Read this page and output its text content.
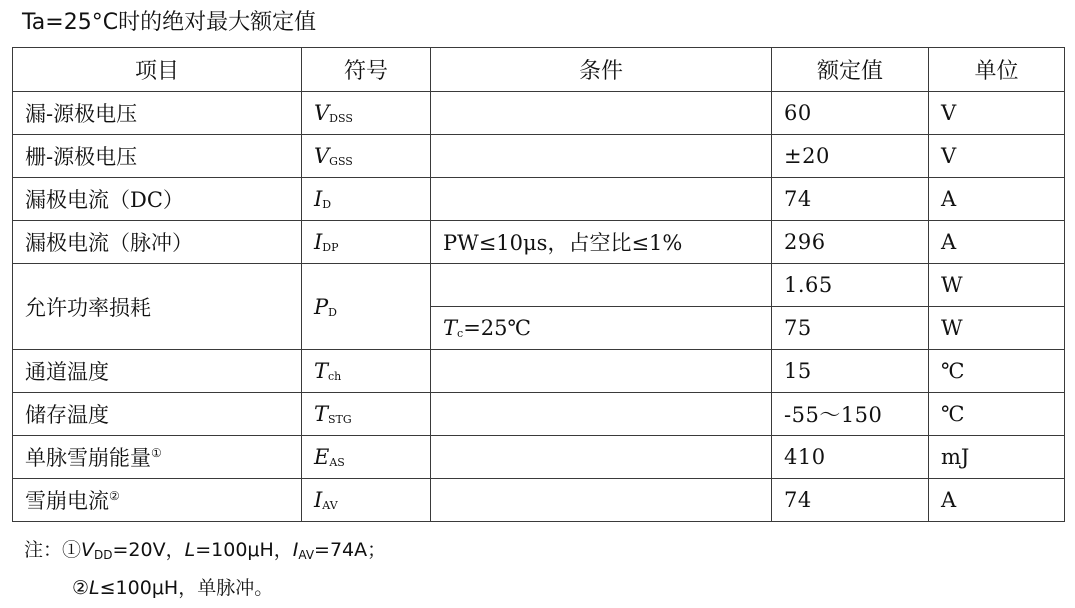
Ta=25°C时的绝对最大额定值
项目	符号	条件	额定值	单位
漏-源极电压	$V_{DSS}$		60	V
栅-源极电压	$V_{GSS}$		±20	V
漏极电流（DC）	$I_D$		74	A
漏极电流（脉冲）	$I_{DP}$	PW≤10μs，占空比≤1%	296	A
允许功率损耗	$P_D$		1.65	W
		$T_c=25℃$	75	W
通道温度	$T_{ch}$		15	℃
储存温度	$T_{STG}$		-55～150	℃
单脉雪崩能量①	$E_{AS}$		410	mJ
雪崩电流②	$I_{AV}$		74	A
注：$①V_{DD}=20V$，L=100μH，$I_{AV}=74A$；
②L≤100μH，单脉冲。
